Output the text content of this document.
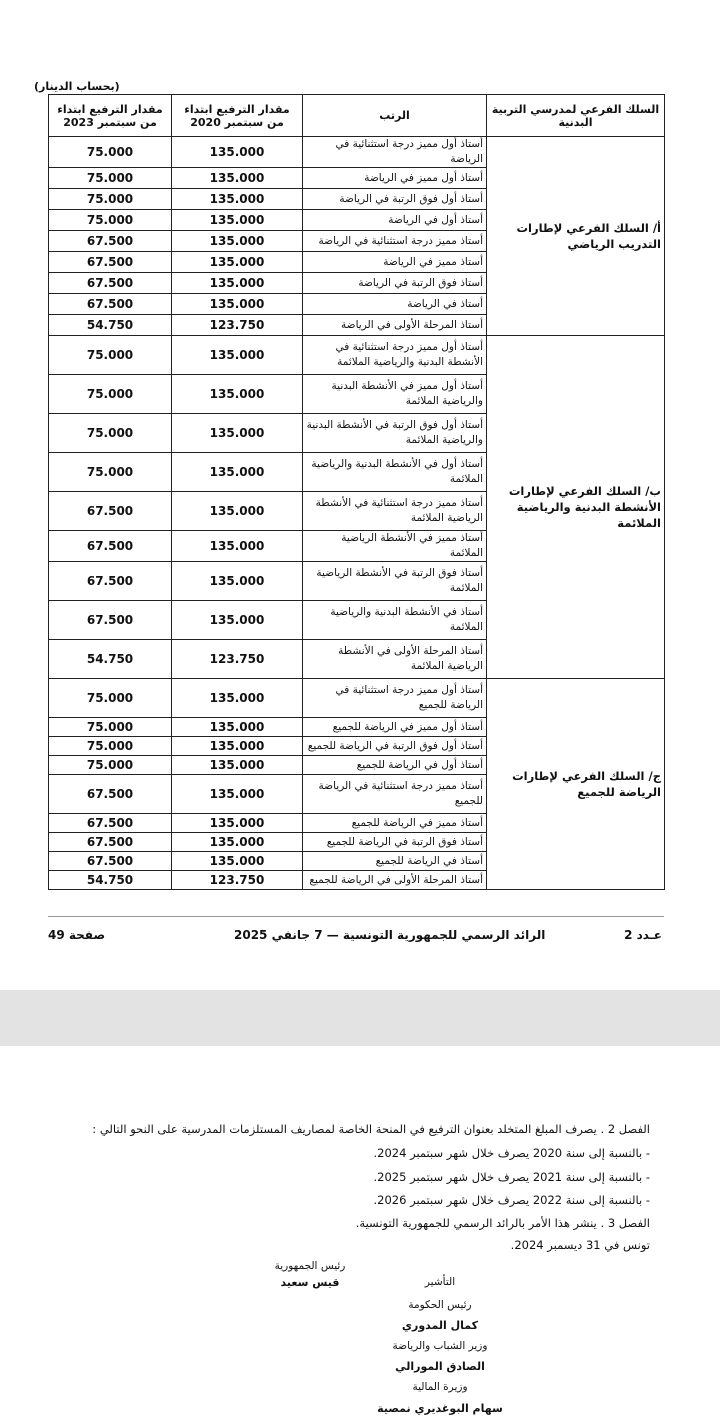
(بحساب الدينار)
السلك الفرعي لمدرسي التربية البدنية	الرتب	مقدار الترفيع ابتداء من سبتمبر 2020	مقدار الترفيع ابتداء من سبتمبر 2023
أ/ السلك الفرعي لإطارات التدريب الرياضي	أستاذ أول مميز درجة استثنائية في الرياضة	135.000	75.000
	أستاذ أول مميز في الرياضة	135.000	75.000
	أستاذ أول فوق الرتبة في الرياضة	135.000	75.000
	أستاذ أول في الرياضة	135.000	75.000
	أستاذ مميز درجة استثنائية في الرياضة	135.000	67.500
	أستاذ مميز في الرياضة	135.000	67.500
	أستاذ فوق الرتبة في الرياضة	135.000	67.500
	أستاذ في الرياضة	135.000	67.500
	أستاذ المرحلة الأولى في الرياضة	123.750	54.750
ب/ السلك الفرعي لإطارات الأنشطة البدنية والرياضية الملائمة	أستاذ أول مميز درجة استثنائية في الأنشطة البدنية والرياضية الملائمة	135.000	75.000
	أستاذ أول مميز في الأنشطة البدنية والرياضية الملائمة	135.000	75.000
	أستاذ أول فوق الرتبة في الأنشطة البدنية والرياضية الملائمة	135.000	75.000
	أستاذ أول في الأنشطة البدنية والرياضية الملائمة	135.000	75.000
	أستاذ مميز درجة استثنائية في الأنشطة الرياضية الملائمة	135.000	67.500
	أستاذ مميز في الأنشطة الرياضية الملائمة	135.000	67.500
	أستاذ فوق الرتبة في الأنشطة الرياضية الملائمة	135.000	67.500
	أستاذ في الأنشطة البدنية والرياضية الملائمة	135.000	67.500
	أستاذ المرحلة الأولى في الأنشطة الرياضية الملائمة	123.750	54.750
ج/ السلك الفرعي لإطارات الرياضة للجميع	أستاذ أول مميز درجة استثنائية في الرياضة للجميع	135.000	75.000
	أستاذ أول مميز في الرياضة للجميع	135.000	75.000
	أستاذ أول فوق الرتبة في الرياضة للجميع	135.000	75.000
	أستاذ أول في الرياضة للجميع	135.000	75.000
	أستاذ مميز درجة استثنائية في الرياضة للجميع	135.000	67.500
	أستاذ مميز في الرياضة للجميع	135.000	67.500
	أستاذ فوق الرتبة في الرياضة للجميع	135.000	67.500
	أستاذ في الرياضة للجميع	135.000	67.500
	أستاذ المرحلة الأولى في الرياضة للجميع	123.750	54.750
عـدد 2
الرائد الرسمي للجمهورية التونسية — 7 جانفي 2025
صفحة 49
الفصل 2 . يصرف المبلغ المتخلد بعنوان الترفيع في المنحة الخاصة لمصاريف المستلزمات المدرسية على النحو التالي :
- بالنسبة إلى سنة 2020 يصرف خلال شهر سبتمبر 2024.
- بالنسبة إلى سنة 2021 يصرف خلال شهر سبتمبر 2025.
- بالنسبة إلى سنة 2022 يصرف خلال شهر سبتمبر 2026.
الفصل 3 . ينشر هذا الأمر بالرائد الرسمي للجمهورية التونسية.
تونس في 31 ديسمبر 2024.
رئيس الجمهورية
قيس سعيد	التأشير
رئيس الحكومة
كمال المدوري
وزير الشباب والرياضة
الصادق المورالي
وزيرة المالية
سهام البوغديري نمصية
